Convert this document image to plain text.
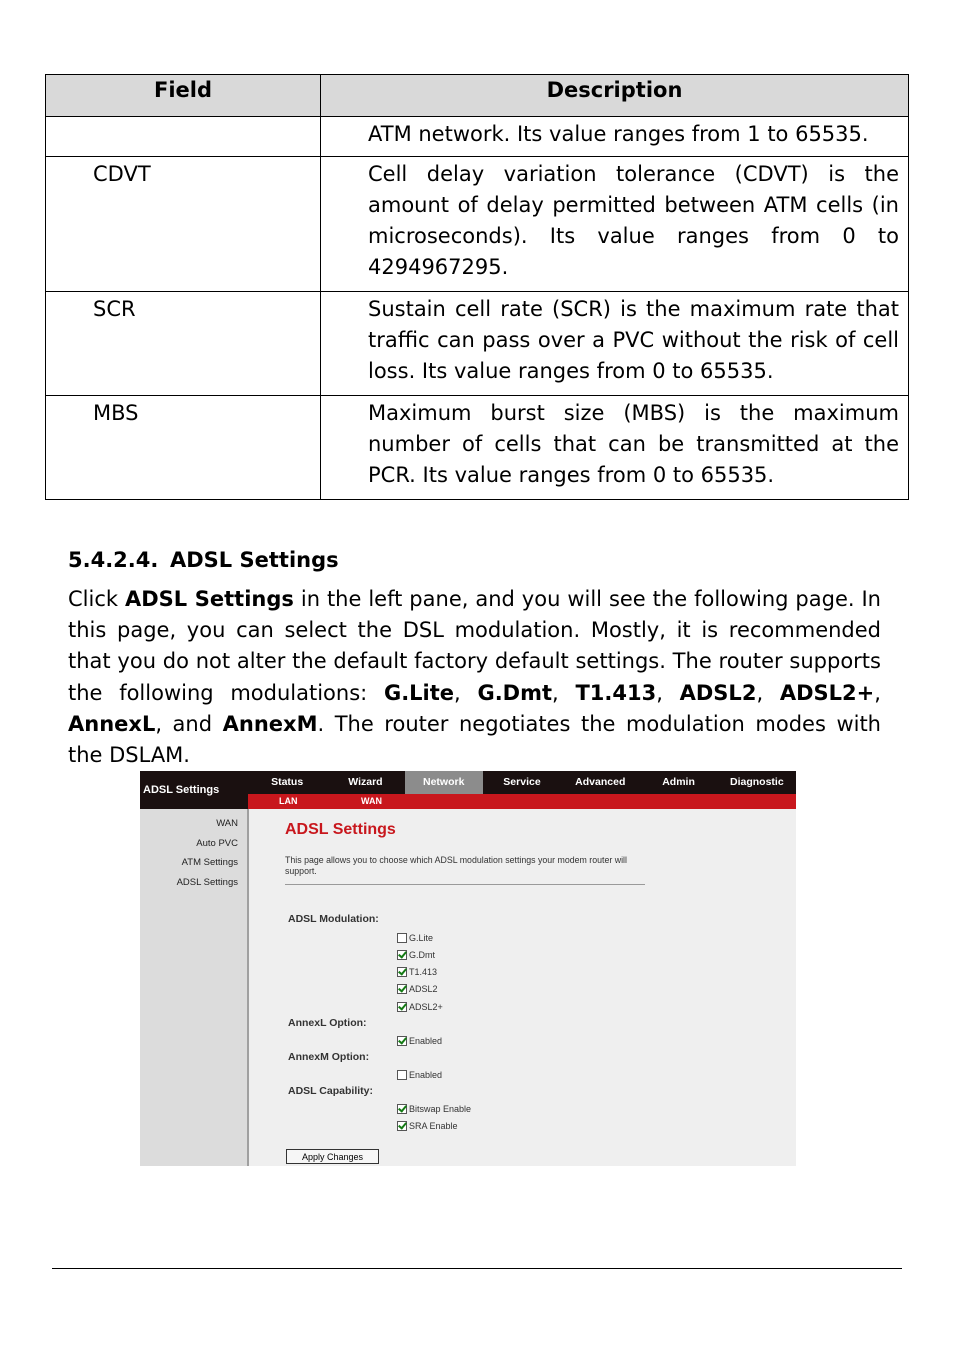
Field	Description
	ATM network. Its value ranges from 1 to 65535.
CDVT	Cell delay variation tolerance (CDVT) is the amount of delay permitted between ATM cells (in microseconds). Its value ranges from 0 to 4294967295.
SCR	Sustain cell rate (SCR) is the maximum rate that traffic can pass over a PVC without the risk of cell loss. Its value ranges from 0 to 65535.
MBS	Maximum burst size (MBS) is the maximum number of cells that can be transmitted at the PCR. Its value ranges from 0 to 65535.
5.4.2.4. ADSL Settings

Click ADSL Settings in the left pane, and you will see the following page. In this page, you can select the DSL modulation. Mostly, it is recommended that you do not alter the default factory default settings. The router supports the following modulations: G.Lite, G.Dmt, T1.413, ADSL2, ADSL2+, AnnexL, and AnnexM. The router negotiates the modulation modes with the DSLAM.

ADSL Settings
Status	Wizard	Network	Service	Advanced	Admin	Diagnostic
LAN	WAN
WAN
Auto PVC
ATM Settings
ADSL Settings
ADSL Settings
This page allows you to choose which ADSL modulation settings your modem router will support.
ADSL Modulation:
G.Lite
G.Dmt
T1.413
ADSL2
ADSL2+
AnnexL Option:
Enabled
AnnexM Option:
Enabled
ADSL Capability:
Bitswap Enable
SRA Enable
Apply Changes
